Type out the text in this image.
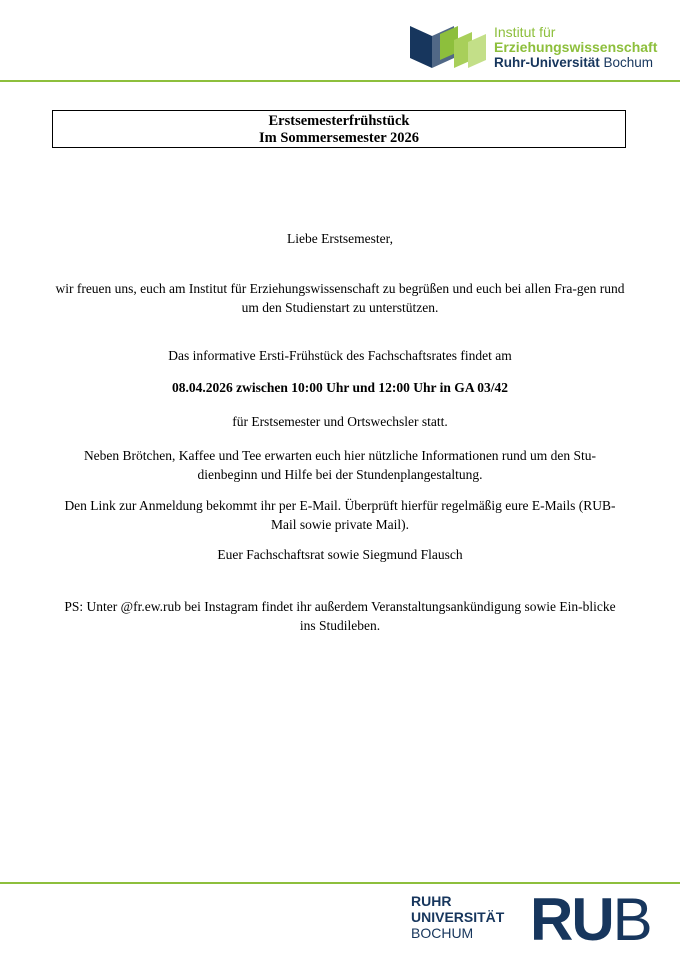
Institut für
Erziehungswissenschaft
Ruhr-Universität Bochum
Erstsemesterfrühstück
Im Sommersemester 2026
Liebe Erstsemester,
wir freuen uns, euch am Institut für Erziehungswissenschaft zu begrüßen und euch bei allen Fra-gen rund um den Studienstart zu unterstützen.
Das informative Ersti-Frühstück des Fachschaftsrates findet am
08.04.2026 zwischen 10:00 Uhr und 12:00 Uhr in GA 03/42
für Erstsemester und Ortswechsler statt.
Neben Brötchen, Kaffee und Tee erwarten euch hier nützliche Informationen rund um den Stu-dienbeginn und Hilfe bei der Stundenplangestaltung.
Den Link zur Anmeldung bekommt ihr per E-Mail. Überprüft hierfür regelmäßig eure E-Mails (RUB-Mail sowie private Mail).
Euer Fachschaftsrat sowie Siegmund Flausch
PS: Unter @fr.ew.rub bei Instagram findet ihr außerdem Veranstaltungsankündigung sowie Ein-blicke ins Studileben.
RUHR
UNIVERSITÄT
BOCHUM RUB
